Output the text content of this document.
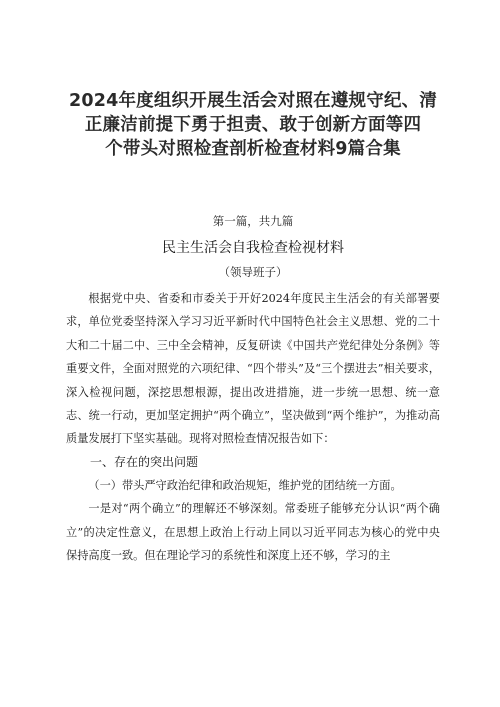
2024年度组织开展生活会对照在遵规守纪、清
正廉洁前提下勇于担责、敢于创新方面等四
个带头对照检查剖析检查材料9篇合集
第一篇，共九篇
民主生活会自我检查检视材料
（领导班子）
根据党中央、省委和市委关于开好2024年度民主生活会的有关部署要求，单位党委坚持深入学习习近平新时代中国特色社会主义思想、党的二十大和二十届二中、三中全会精神，反复研读《中国共产党纪律处分条例》等重要文件，全面对照党的六项纪律、“四个带头”及“三个摆进去”相关要求，深入检视问题，深挖思想根源，提出改进措施，进一步统一思想、统一意志、统一行动，更加坚定拥护“两个确立”，坚决做到“两个维护”，为推动高质量发展打下坚实基础。现将对照检查情况报告如下：
一、存在的突出问题
（一）带头严守政治纪律和政治规矩，维护党的团结统一方面。
一是对“两个确立”的理解还不够深刻。常委班子能够充分认识“两个确立”的决定性意义，在思想上政治上行动上同以习近平同志为核心的党中央保持高度一致。但在理论学习的系统性和深度上还不够，学习的主
